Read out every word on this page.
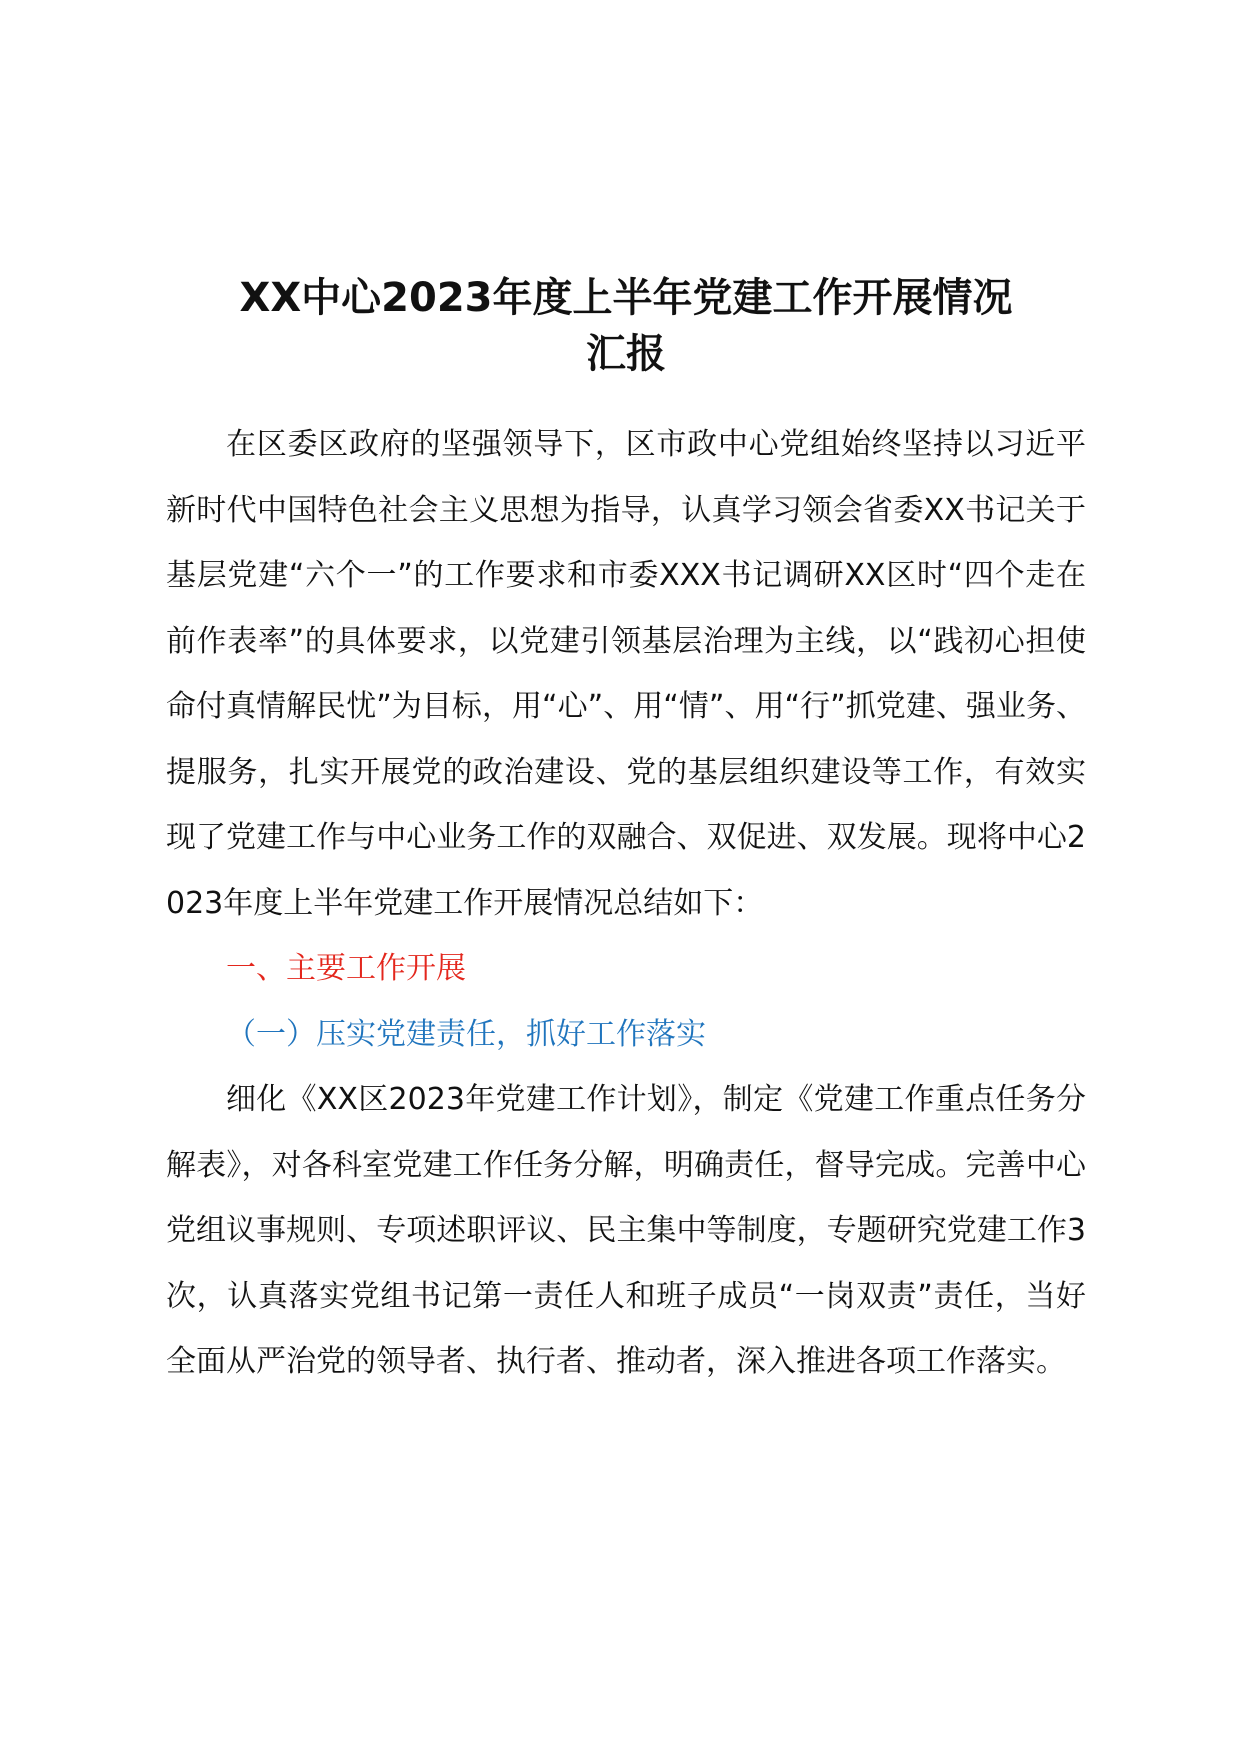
XX中心2023年度上半年党建工作开展情况
汇报

在区委区政府的坚强领导下，区市政中心党组始终坚持以习近平新时代中国特色社会主义思想为指导，认真学习领会省委XX书记关于基层党建“六个一”的工作要求和市委XXX书记调研XX区时“四个走在前作表率”的具体要求，以党建引领基层治理为主线，以“践初心担使命付真情解民忧”为目标，用“心”、用“情”、用“行”抓党建、强业务、提服务，扎实开展党的政治建设、党的基层组织建设等工作，有效实现了党建工作与中心业务工作的双融合、双促进、双发展。现将中心2023年度上半年党建工作开展情况总结如下：

一、主要工作开展

（一）压实党建责任，抓好工作落实

细化《XX区2023年党建工作计划》，制定《党建工作重点任务分解表》，对各科室党建工作任务分解，明确责任，督导完成。完善中心党组议事规则、专项述职评议、民主集中等制度，专题研究党建工作3次，认真落实党组书记第一责任人和班子成员“一岗双责”责任，当好全面从严治党的领导者、执行者、推动者，深入推进各项工作落实。
